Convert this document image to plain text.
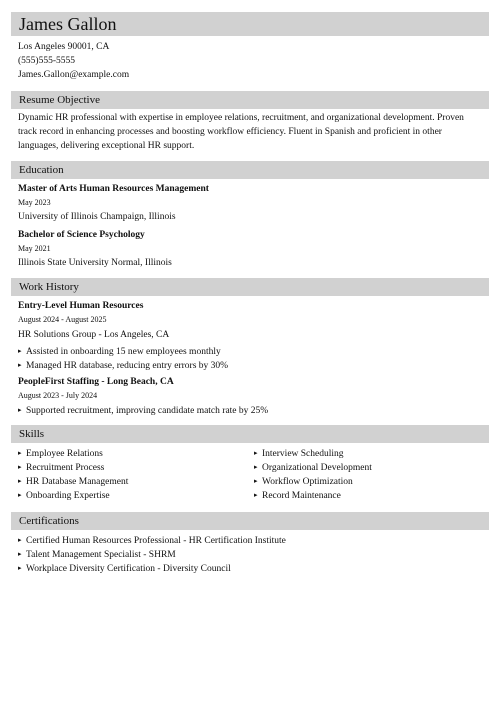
James Gallon
Los Angeles 90001, CA
(555)555-5555
James.Gallon@example.com
Resume Objective
Dynamic HR professional with expertise in employee relations, recruitment, and organizational development. Proven track record in enhancing processes and boosting workflow efficiency. Fluent in Spanish and proficient in other languages, delivering exceptional HR support.
Education
Master of Arts Human Resources Management
May 2023
University of Illinois Champaign, Illinois
Bachelor of Science Psychology
May 2021
Illinois State University Normal, Illinois
Work History
Entry-Level Human Resources
August 2024 - August 2025
HR Solutions Group - Los Angeles, CA
▸ Assisted in onboarding 15 new employees monthly
▸ Managed HR database, reducing entry errors by 30%
PeopleFirst Staffing - Long Beach, CA
August 2023 - July 2024
▸ Supported recruitment, improving candidate match rate by 25%
Skills
▸ Employee Relations
▸ Recruitment Process
▸ HR Database Management
▸ Onboarding Expertise
▸ Interview Scheduling
▸ Organizational Development
▸ Workflow Optimization
▸ Record Maintenance
Certifications
▸ Certified Human Resources Professional - HR Certification Institute
▸ Talent Management Specialist - SHRM
▸ Workplace Diversity Certification - Diversity Council
